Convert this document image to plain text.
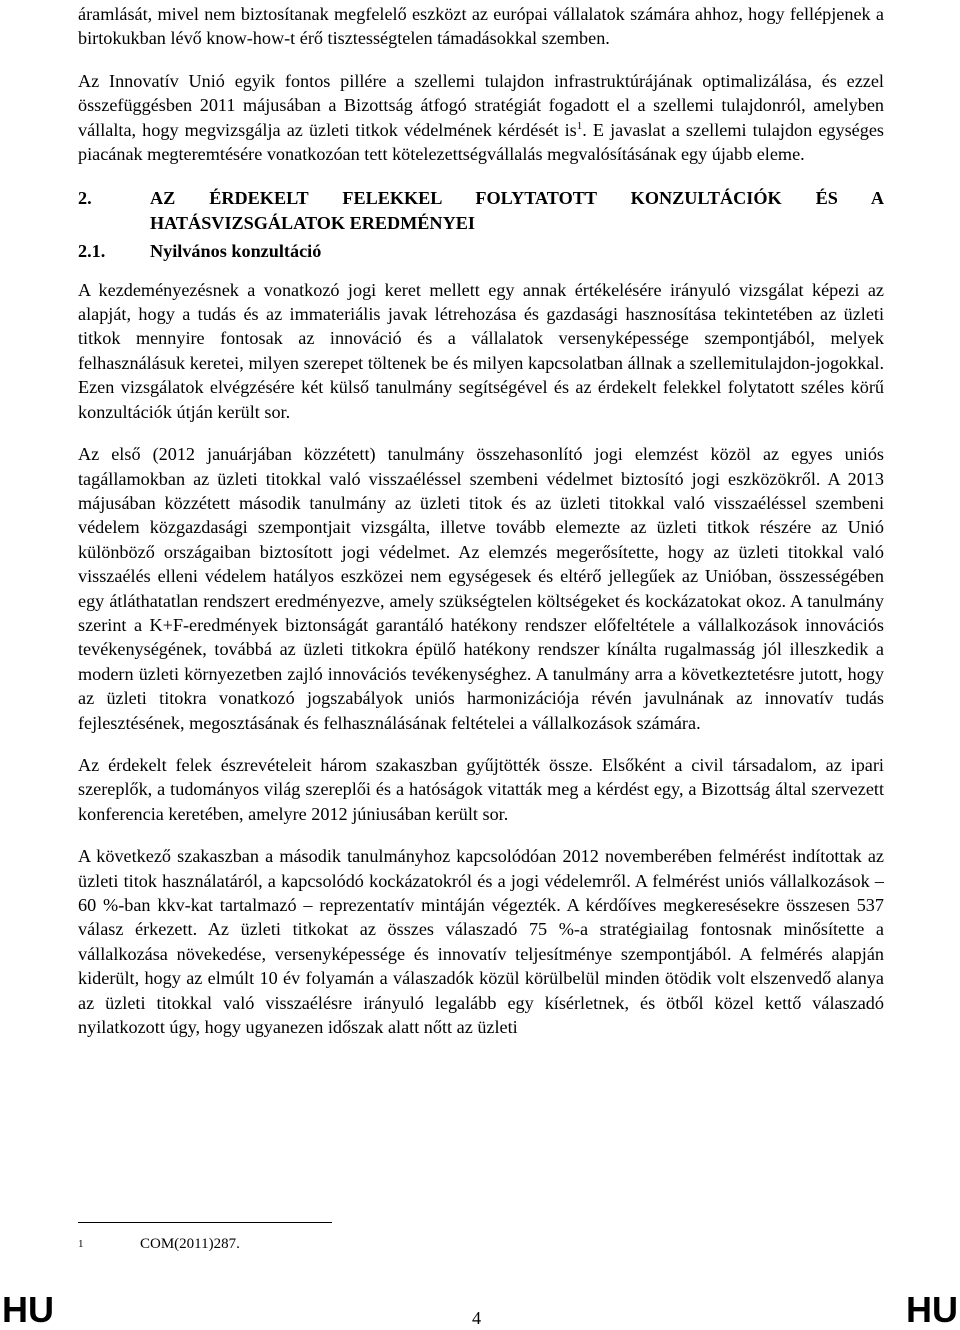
áramlását, mivel nem biztosítanak megfelelő eszközt az európai vállalatok számára ahhoz, hogy fellépjenek a birtokukban lévő know-how-t érő tisztességtelen támadásokkal szemben.

Az Innovatív Unió egyik fontos pillére a szellemi tulajdon infrastruktúrájának optimalizálása, és ezzel összefüggésben 2011 májusában a Bizottság átfogó stratégiát fogadott el a szellemi tulajdonról, amelyben vállalta, hogy megvizsgálja az üzleti titkok védelmének kérdését $is^1$. E javaslat a szellemi tulajdon egységes piacának megteremtésére vonatkozóan tett kötelezettségvállalás megvalósításának egy újabb eleme.

2.	AZ ÉRDEKELT FELEKKEL FOLYTATOTT KONZULTÁCIÓK ÉS A HATÁSVIZSGÁLATOK EREDMÉNYEI
2.1.	Nyilvános konzultáció

A kezdeményezésnek a vonatkozó jogi keret mellett egy annak értékelésére irányuló vizsgálat képezi az alapját, hogy a tudás és az immateriális javak létrehozása és gazdasági hasznosítása tekintetében az üzleti titkok mennyire fontosak az innováció és a vállalatok versenyképessége szempontjából, melyek felhasználásuk keretei, milyen szerepet töltenek be és milyen kapcsolatban állnak a szellemitulajdon-jogokkal. Ezen vizsgálatok elvégzésére két külső tanulmány segítségével és az érdekelt felekkel folytatott széles körű konzultációk útján került sor.

Az első (2012 januárjában közzétett) tanulmány összehasonlító jogi elemzést közöl az egyes uniós tagállamokban az üzleti titokkal való visszaéléssel szembeni védelmet biztosító jogi eszközökről. A 2013 májusában közzétett második tanulmány az üzleti titok és az üzleti titokkal való visszaéléssel szembeni védelem közgazdasági szempontjait vizsgálta, illetve tovább elemezte az üzleti titkok részére az Unió különböző országaiban biztosított jogi védelmet. Az elemzés megerősítette, hogy az üzleti titokkal való visszaélés elleni védelem hatályos eszközei nem egységesek és eltérő jellegűek az Unióban, összességében egy átláthatatlan rendszert eredményezve, amely szükségtelen költségeket és kockázatokat okoz. A tanulmány szerint a K+F-eredmények biztonságát garantáló hatékony rendszer előfeltétele a vállalkozások innovációs tevékenységének, továbbá az üzleti titkokra épülő hatékony rendszer kínálta rugalmasság jól illeszkedik a modern üzleti környezetben zajló innovációs tevékenységhez. A tanulmány arra a következtetésre jutott, hogy az üzleti titokra vonatkozó jogszabályok uniós harmonizációja révén javulnának az innovatív tudás fejlesztésének, megosztásának és felhasználásának feltételei a vállalkozások számára.

Az érdekelt felek észrevételeit három szakaszban gyűjtötték össze. Elsőként a civil társadalom, az ipari szereplők, a tudományos világ szereplői és a hatóságok vitatták meg a kérdést egy, a Bizottság által szervezett konferencia keretében, amelyre 2012 júniusában került sor.

A következő szakaszban a második tanulmányhoz kapcsolódóan 2012 novemberében felmérést indítottak az üzleti titok használatáról, a kapcsolódó kockázatokról és a jogi védelemről. A felmérést uniós vállalkozások – 60 %-ban kkv-kat tartalmazó – reprezentatív mintáján végezték. A kérdőíves megkeresésekre összesen 537 válasz érkezett. Az üzleti titkokat az összes válaszadó 75 %-a stratégiailag fontosnak minősítette a vállalkozása növekedése, versenyképessége és innovatív teljesítménye szempontjából. A felmérés alapján kiderült, hogy az elmúlt 10 év folyamán a válaszadók közül körülbelül minden ötödik volt elszenvedő alanya az üzleti titokkal való visszaélésre irányuló legalább egy kísérletnek, és ötből közel kettő válaszadó nyilatkozott úgy, hogy ugyanezen időszak alatt nőtt az üzleti

1	COM(2011)287.
HU	4	HU
